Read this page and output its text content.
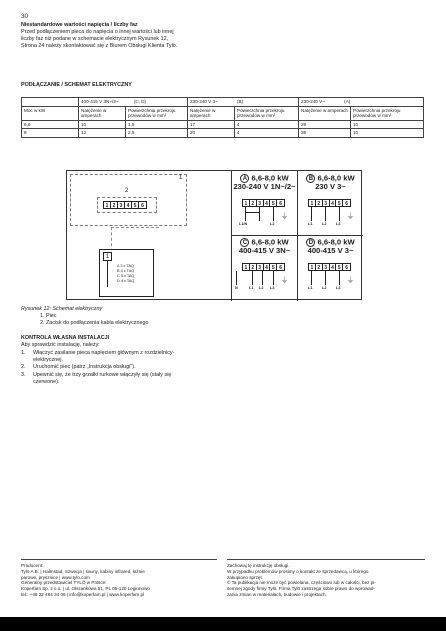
30
Niestandardowe wartości napięcia / liczby faz
Przed podłączeniem pieca do napięcia o innej wartości lub innej
liczby faz niż podane w schemacie elektrycznym Rysunek 12,
Strona 24 należy skontaktować się z Biurem Obsługi Klienta Tylö.
PODŁĄCZANIE / SCHEMAT ELEKTRYCZNY
	400-415 V 3N~/3~ (C, D)		230-240 V 3~ (B)		230-240 V~ (A)	
Moc w kW	Natężenie w amperach	Powierzchnia przekroju przewodów w mm²	Natężenie w amperach	Powierzchnia przekroju przewodów w mm²	Natężenie w amperach	Powierzchnia przekroju przewodów w mm²
6,6	10	1,5	17	4	29	10
8	12	2,5	20	4	35	10
1
2
1 2 3 4 5 6
1
A 3 x TAQ
B 4 x TAQ
C 5 x TAQ
D 4 x TAQ
A 6,6-8,0 kW
230-240 V 1N~/2~
1 2 3 4 5 6
⏚
L1/N	L2
B 6,6-8,0 kW
230 V 3~
1 2 3 4 5 6
⏚
L1	L2	L3
C 6,6-8,0 kW
400-415 V 3N~
1 2 3 4 5 6
⏚
N	L1 L2 L3
D 6,6-8,0 kW
400-415 V 3~
1 2 3 4 5 6
⏚
L1	L2	L3
Rysunek 12: Schemat elektryczny
1. Piec
2. Zacisk do podłączenia kabla elektrycznego
KONTROLA WŁASNA INSTALACJI
Aby sprawdzić instalację, należy:
1. Włączyć zasilanie pieca napięciem głównym z rozdzielnicy-
elektrycznej.
2. Uruchomić piec (patrz „Instrukcja obsługi").
3. Upewnić się, że trzy grzałki rurkowe włączyły się (stały się
czerwone).
Producent:
Tylö A.B. | Halmstad, Szwecja | sauny, kabiny infrared, łaźnie
parowe, prysznice | www.tylo.com
Generalny przedstawiciel TYLÖ w Polsce:
Koperfam Sp. z o.o. | ul. Olszankowa 51, PL 05-120 Legionowo
tel.: +48 22 494 34 06 | info@koperfam.pl | www.koperfam.pl
Zachowaj tę instrukcję obsługi.
W przypadku problemów prosimy o kontakt ze sprzedawcą, u którego
zakupiono sprzęt.
© Ta publikacja nie może być powielana, częściowo lub w całości, bez pi-
semnej zgody firmy Tylö. Firma Tylö zastrzega sobie prawo do wprowad-
zania zmian w materiałach, budowie i projektach.
